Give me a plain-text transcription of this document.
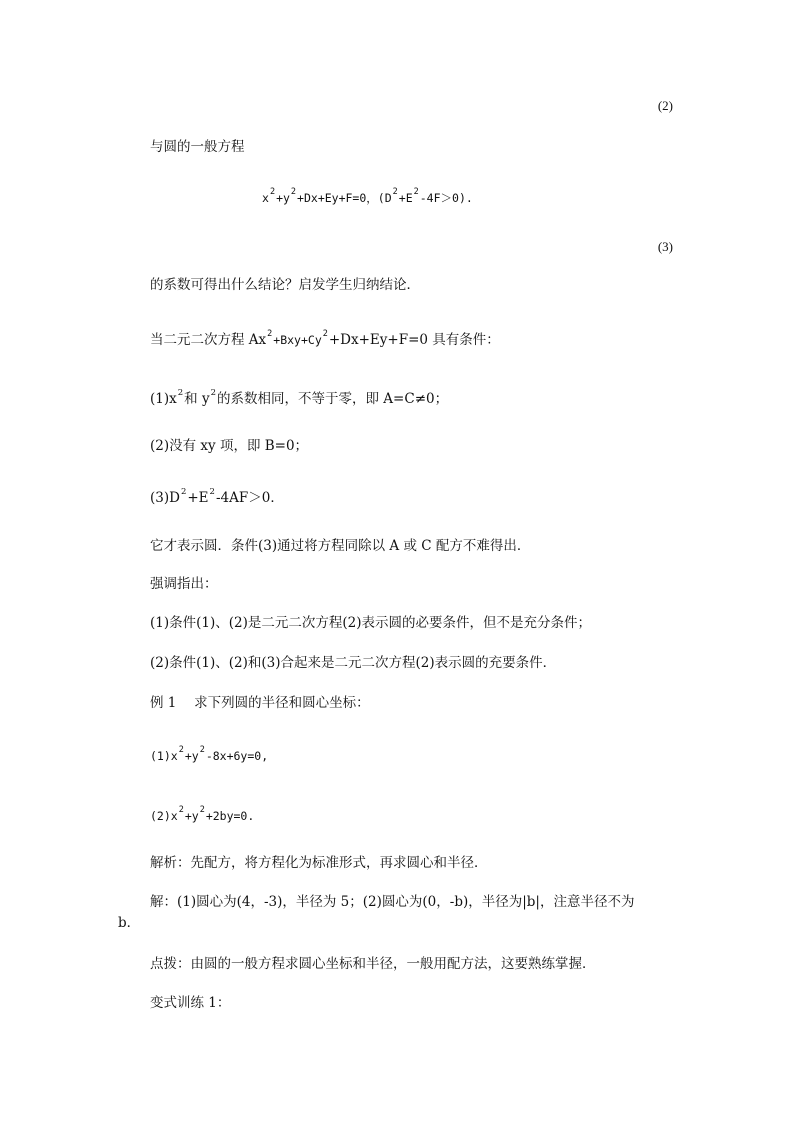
(2)
与圆的一般方程
$x^2+y^2+Dx+Ey+F=0$，$(D^2+E^2-4F>0)$.
(3)
的系数可得出什么结论？启发学生归纳结论．
当二元二次方程 $Ax^2+Bxy+Cy^2+Dx+Ey+F=0$ 具有条件：
$(1)x^2$和 $y^2$的系数相同，不等于零，即 A=C≠0；
(2)没有 xy 项，即 B=0；
$(3)D^2+E^2-4AF>0$．
它才表示圆．条件(3)通过将方程同除以 A 或 C 配方不难得出．
强调指出：
(1)条件(1)、(2)是二元二次方程(2)表示圆的必要条件，但不是充分条件；
(2)条件(1)、(2)和(3)合起来是二元二次方程(2)表示圆的充要条件．
例 1　 求下列圆的半径和圆心坐标：
$(1)x^2+y^2-8x+6y=0$,
$(2)x^2+y^2+2by=0$.
解析：先配方，将方程化为标准形式，再求圆心和半径．
解：(1)圆心为(4，-3)，半径为 5；(2)圆心为(0，-b)，半径为|b|，注意半径不为
b．
点拨：由圆的一般方程求圆心坐标和半径，一般用配方法，这要熟练掌握．
变式训练 1：
